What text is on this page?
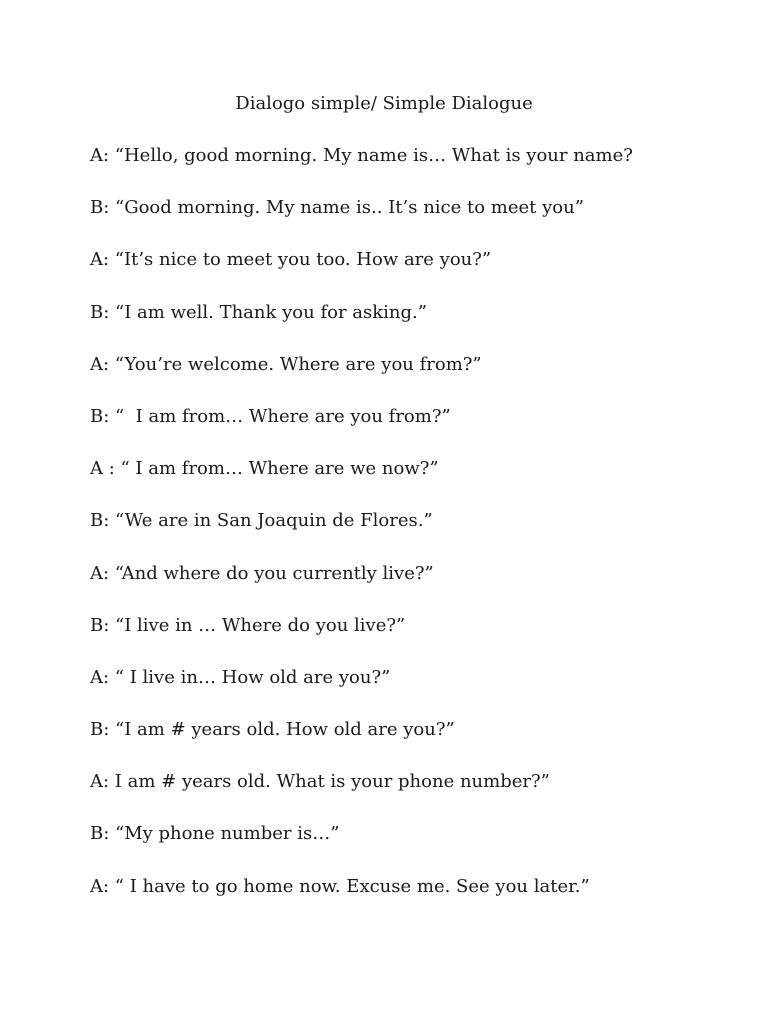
Dialogo simple/ Simple Dialogue
A: “Hello, good morning. My name is… What is your name?
B: “Good morning. My name is.. It’s nice to meet you”
A: “It’s nice to meet you too. How are you?”
B: “I am well. Thank you for asking.”
A: “You’re welcome. Where are you from?”
B: “  I am from… Where are you from?”
A : “ I am from… Where are we now?”
B: “We are in San Joaquin de Flores.”
A: “And where do you currently live?”
B: “I live in … Where do you live?”
A: “ I live in… How old are you?”
B: “I am # years old. How old are you?”
A: I am # years old. What is your phone number?”
B: “My phone number is…”
A: “ I have to go home now. Excuse me. See you later.”
